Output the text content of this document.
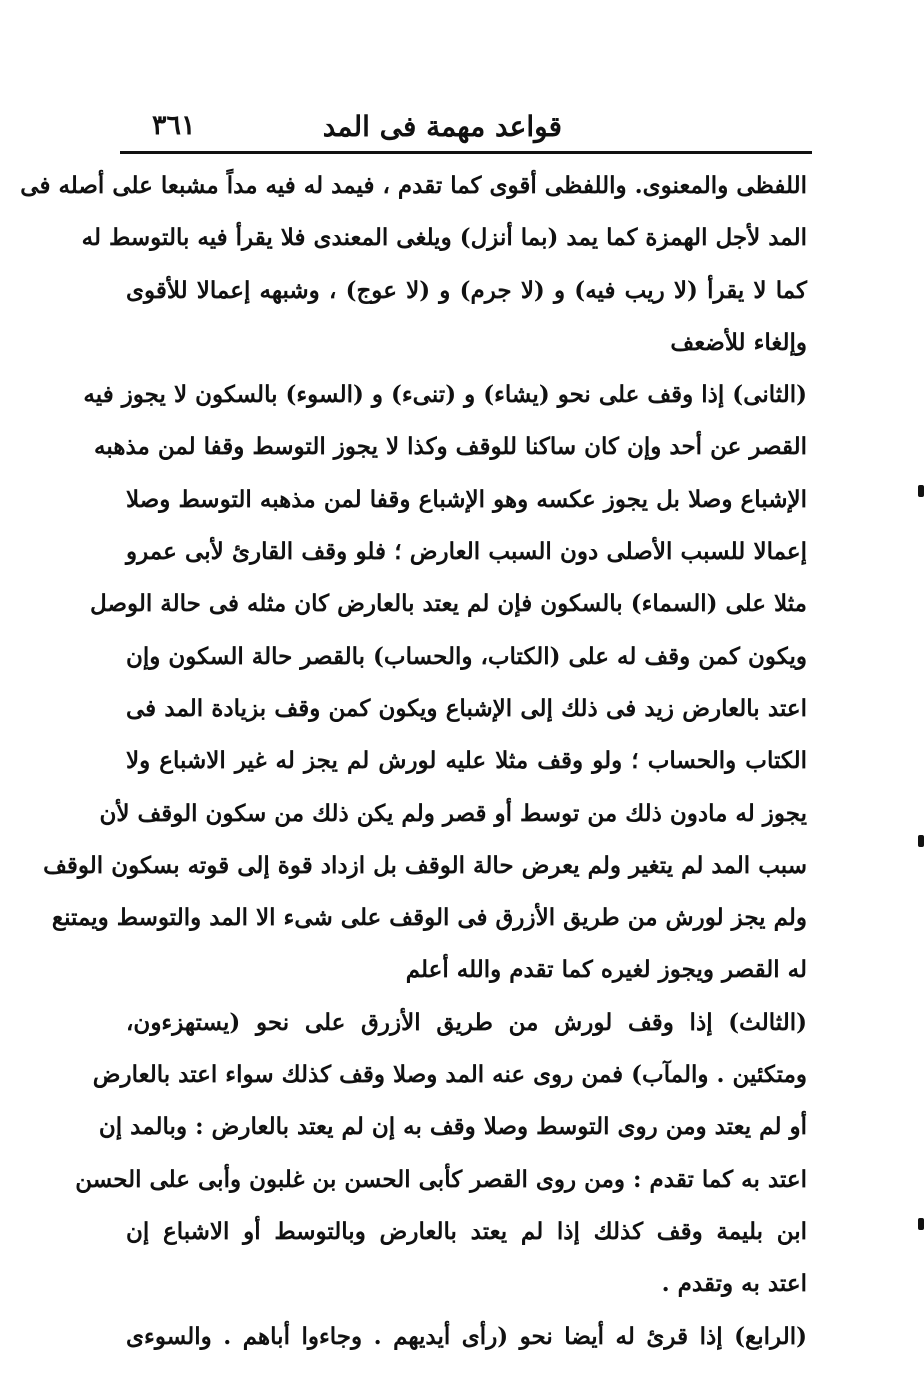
قواعد مهمة فى المد
٣٦١
اللفظى والمعنوى. واللفظى أقوى كما تقدم ، فيمد له فيه مداً مشبعا على أصله فى
المد لأجل الهمزة كما يمد (بما أنزل) ويلغى المعندى فلا يقرأ فيه بالتوسط له
كما لا يقرأ (لا ريب فيه) و (لا جرم) و (لا عوج) ، وشبهه إعمالا للأقوى
وإلغاء للأضعف
(الثانى) إذا وقف على نحو (يشاء) و (تنىء) و (السوء) بالسكون لا يجوز فيه
القصر عن أحد وإن كان ساكنا للوقف وكذا لا يجوز التوسط وقفا لمن مذهبه
الإشباع وصلا بل يجوز عكسه وهو الإشباع وقفا لمن مذهبه التوسط وصلا
إعمالا للسبب الأصلى دون السبب العارض ؛ فلو وقف القارئ لأبى عمرو
مثلا على (السماء) بالسكون فإن لم يعتد بالعارض كان مثله فى حالة الوصل
ويكون كمن وقف له على (الكتاب، والحساب) بالقصر حالة السكون وإن
اعتد بالعارض زيد فى ذلك إلى الإشباع ويكون كمن وقف بزيادة المد فى
الكتاب والحساب ؛ ولو وقف مثلا عليه لورش لم يجز له غير الاشباع ولا
يجوز له مادون ذلك من توسط أو قصر ولم يكن ذلك من سكون الوقف لأن
سبب المد لم يتغير ولم يعرض حالة الوقف بل ازداد قوة إلى قوته بسكون الوقف
ولم يجز لورش من طريق الأزرق فى الوقف على شىء الا المد والتوسط ويمتنع
له القصر ويجوز لغيره كما تقدم والله أعلم
(الثالث) إذا وقف لورش من طريق الأزرق على نحو (يستهزءون،
ومتكئين . والمآب) فمن روى عنه المد وصلا وقف كذلك سواء اعتد بالعارض
أو لم يعتد ومن روى التوسط وصلا وقف به إن لم يعتد بالعارض : وبالمد إن
اعتد به كما تقدم : ومن روى القصر كأبى الحسن بن غلبون وأبى على الحسن
ابن بليمة وقف كذلك إذا لم يعتد بالعارض وبالتوسط أو الاشباع إن
اعتد به وتقدم .
(الرابع) إذا قرئ له أيضا نحو (رأى أيديهم . وجاءوا أباهم . والسوءى
